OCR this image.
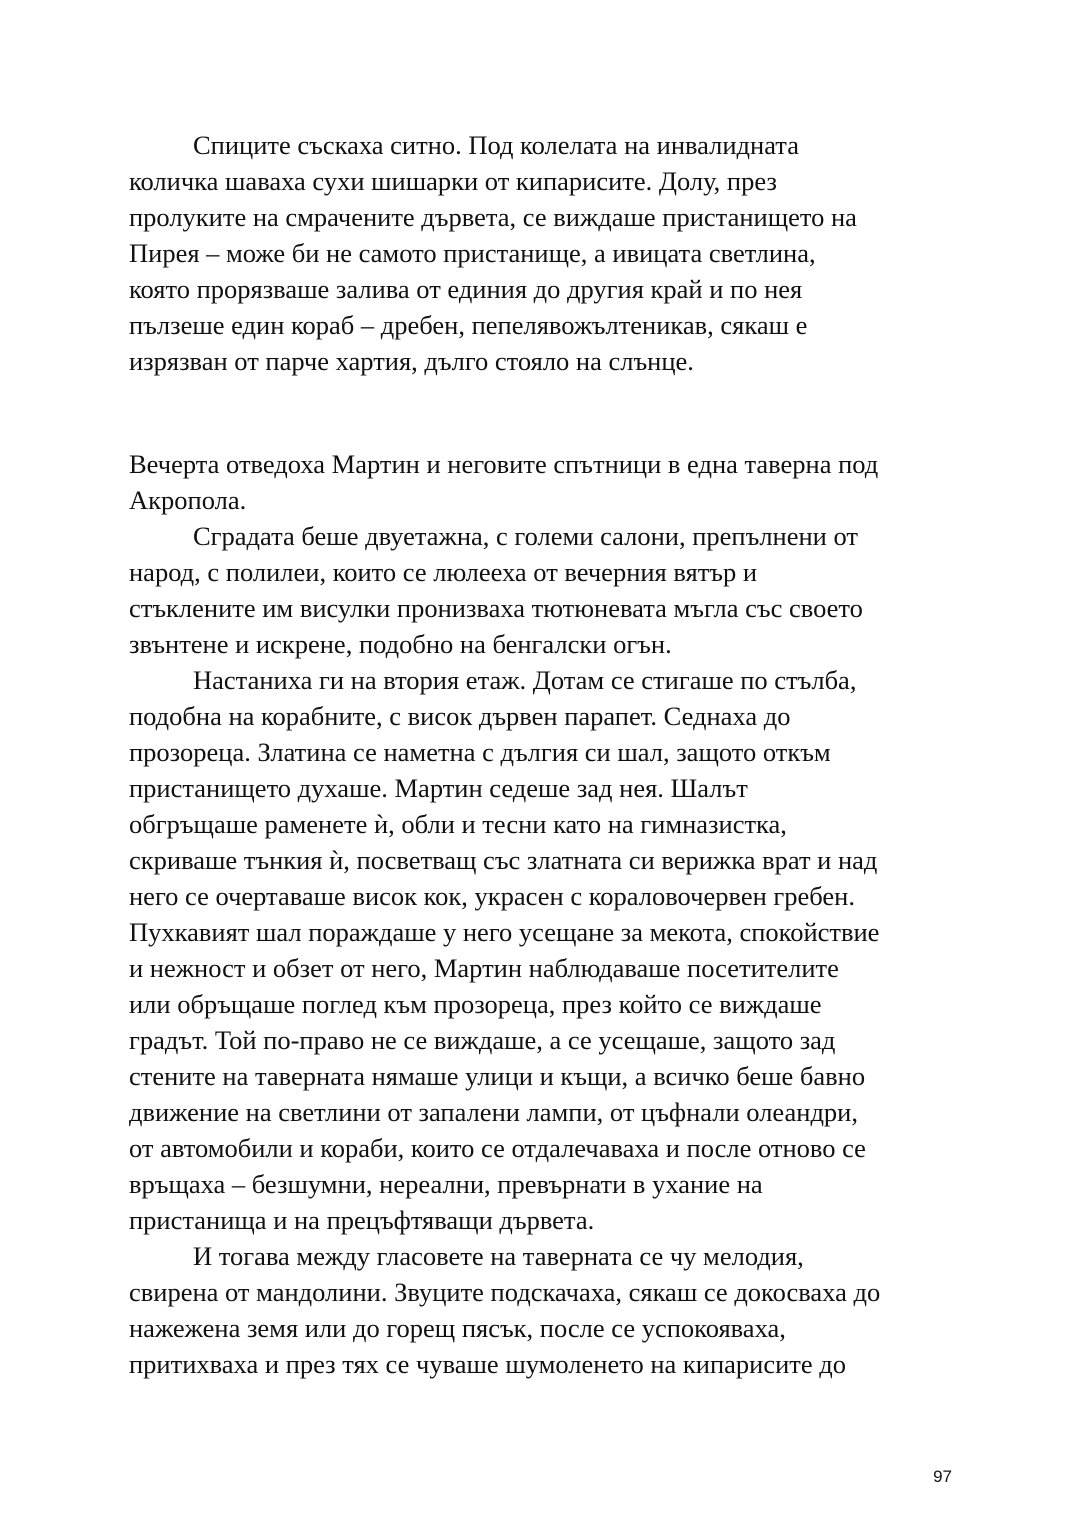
Спиците съскаха ситно. Под колелата на инвалидната
количка шаваха сухи шишарки от кипарисите. Долу, през
пролуките на смрачените дървета, се виждаше пристанището на
Пирея – може би не самото пристанище, а ивицата светлина,
която прорязваше залива от единия до другия край и по нея
пълзеше един кораб – дребен, пепелявожълтеникав, сякаш е
изрязван от парче хартия, дълго стояло на слънце.
Вечерта отведоха Мартин и неговите спътници в една таверна под
Акропола.
Сградата беше двуетажна, с големи салони, препълнени от
народ, с полилеи, които се люлееха от вечерния вятър и
стъклените им висулки пронизваха тютюневата мъгла със своето
звънтене и искрене, подобно на бенгалски огън.
Настаниха ги на втория етаж. Дотам се стигаше по стълба,
подобна на корабните, с висок дървен парапет. Седнаха до
прозореца. Златина се наметна с дългия си шал, защото откъм
пристанището духаше. Мартин седеше зад нея. Шалът
обгръщаше раменете ѝ, обли и тесни като на гимназистка,
скриваше тънкия ѝ, посветващ със златната си верижка врат и над
него се очертаваше висок кок, украсен с кораловочервен гребен.
Пухкавият шал пораждаше у него усещане за мекота, спокойствие
и нежност и обзет от него, Мартин наблюдаваше посетителите
или обръщаше поглед към прозореца, през който се виждаше
градът. Той по-право не се виждаше, а се усещаше, защото зад
стените на таверната нямаше улици и къщи, а всичко беше бавно
движение на светлини от запалени лампи, от цъфнали олеандри,
от автомобили и кораби, които се отдалечаваха и после отново се
връщаха – безшумни, нереални, превърнати в ухание на
пристанища и на прецъфтяващи дървета.
И тогава между гласовете на таверната се чу мелодия,
свирена от мандолини. Звуците подскачаха, сякаш се докосваха до
нажежена земя или до горещ пясък, после се успокояваха,
притихваха и през тях се чуваше шумоленето на кипарисите до
97
